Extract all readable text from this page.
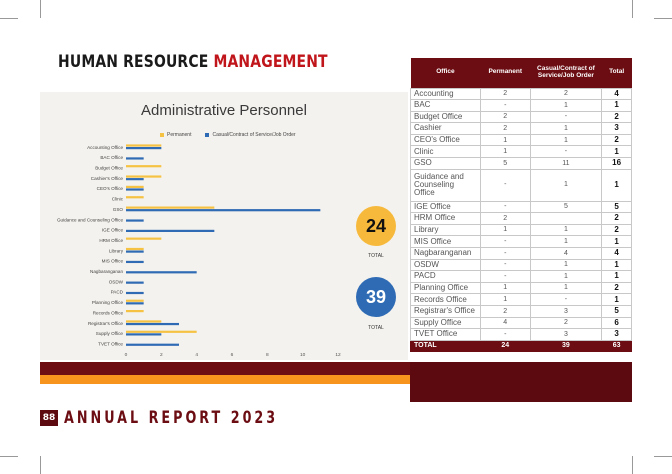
HUMAN RESOURCE MANAGEMENT
Administrative Personnel
Permanent	Casual/Contract of Service/Job Order
Accounting Office
BAC Office
Budget Office
Cashier's Office
CEO's Office
Clinic
GSO
Guidance and Counseling Office
IGE Office
HRM Office
Library
MIS Office
Nagbaranganan
OSDW
PACD
Planning Office
Records Office
Registrar's Office
Supply Office
TVET Office
0	2	4	6	8	10	12
24
TOTAL
39
TOTAL
Office	Permanent	Casual/Contract of Service/Job Order	Total
Accounting	2	2	4
BAC	-	1	1
Budget Office	2	-	2
Cashier	2	1	3
CEO's Office	1	1	2
Clinic	1	-	1
GSO	5	11	16
Guidance and Counseling Office	-	1	1
IGE Office	-	5	5
HRM Office	2		2
Library	1	1	2
MIS Office	-	1	1
Nagbaranganan	-	4	4
OSDW	-	1	1
PACD	-	1	1
Planning Office	1	1	2
Records Office	1	-	1
Registrar's Office	2	3	5
Supply Office	4	2	6
TVET Office	-	3	3
TOTAL	24	39	63
88 ANNUAL REPORT 2023
